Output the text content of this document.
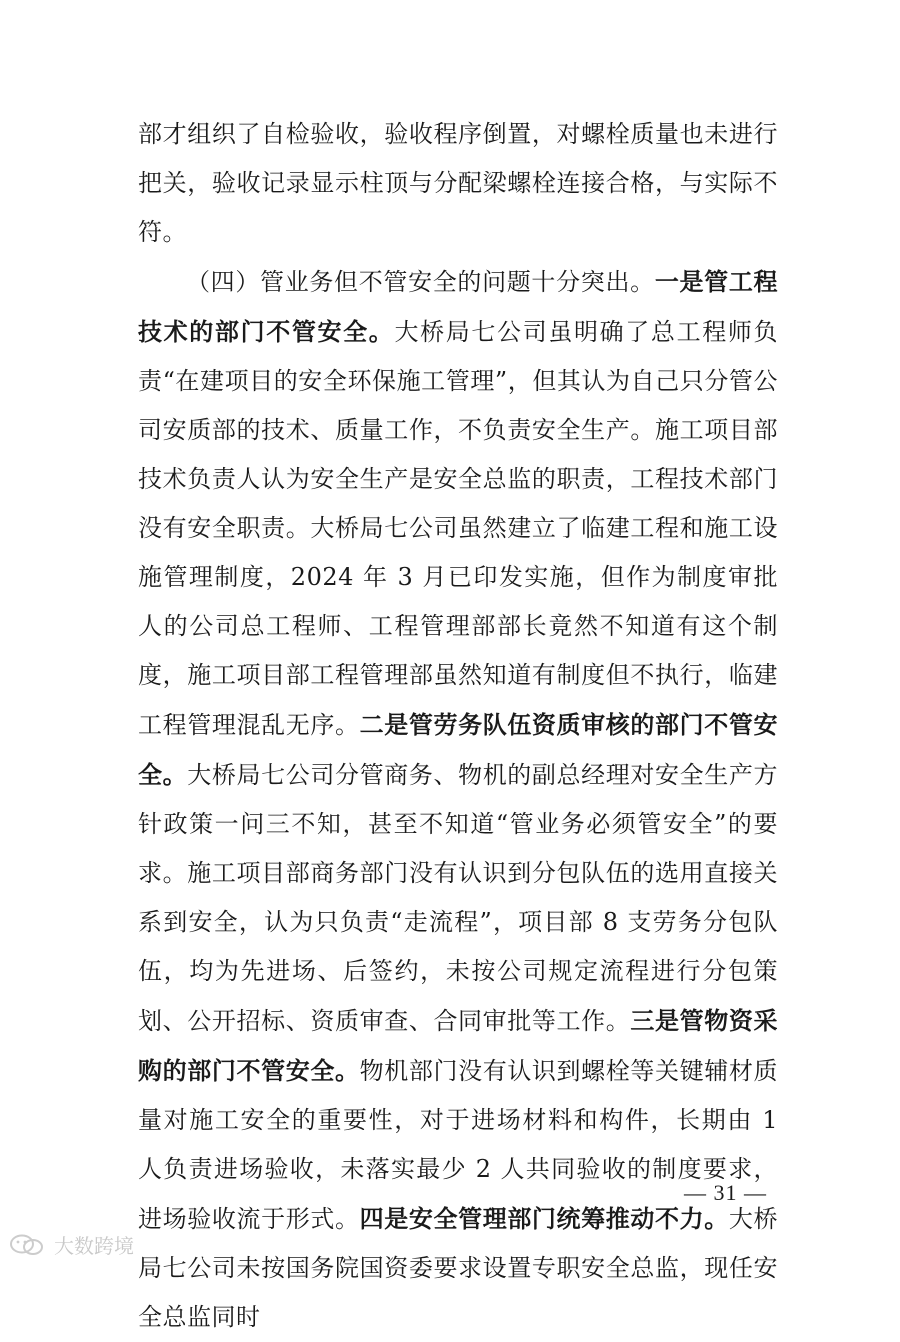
部才组织了自检验收，验收程序倒置，对螺栓质量也未进行把关，验收记录显示柱顶与分配梁螺栓连接合格，与实际不符。

（四）管业务但不管安全的问题十分突出。一是管工程技术的部门不管安全。大桥局七公司虽明确了总工程师负责“在建项目的安全环保施工管理”，但其认为自己只分管公司安质部的技术、质量工作，不负责安全生产。施工项目部技术负责人认为安全生产是安全总监的职责，工程技术部门没有安全职责。大桥局七公司虽然建立了临建工程和施工设施管理制度，2024 年 3 月已印发实施，但作为制度审批人的公司总工程师、工程管理部部长竟然不知道有这个制度，施工项目部工程管理部虽然知道有制度但不执行，临建工程管理混乱无序。二是管劳务队伍资质审核的部门不管安全。大桥局七公司分管商务、物机的副总经理对安全生产方针政策一问三不知，甚至不知道“管业务必须管安全”的要求。施工项目部商务部门没有认识到分包队伍的选用直接关系到安全，认为只负责“走流程”，项目部 8 支劳务分包队伍，均为先进场、后签约，未按公司规定流程进行分包策划、公开招标、资质审查、合同审批等工作。三是管物资采购的部门不管安全。物机部门没有认识到螺栓等关键辅材质量对施工安全的重要性，对于进场材料和构件，长期由 1 人负责进场验收，未落实最少 2 人共同验收的制度要求，进场验收流于形式。四是安全管理部门统筹推动不力。大桥局七公司未按国务院国资委要求设置专职安全总监，现任安全总监同时

— 31 —
大数跨境
